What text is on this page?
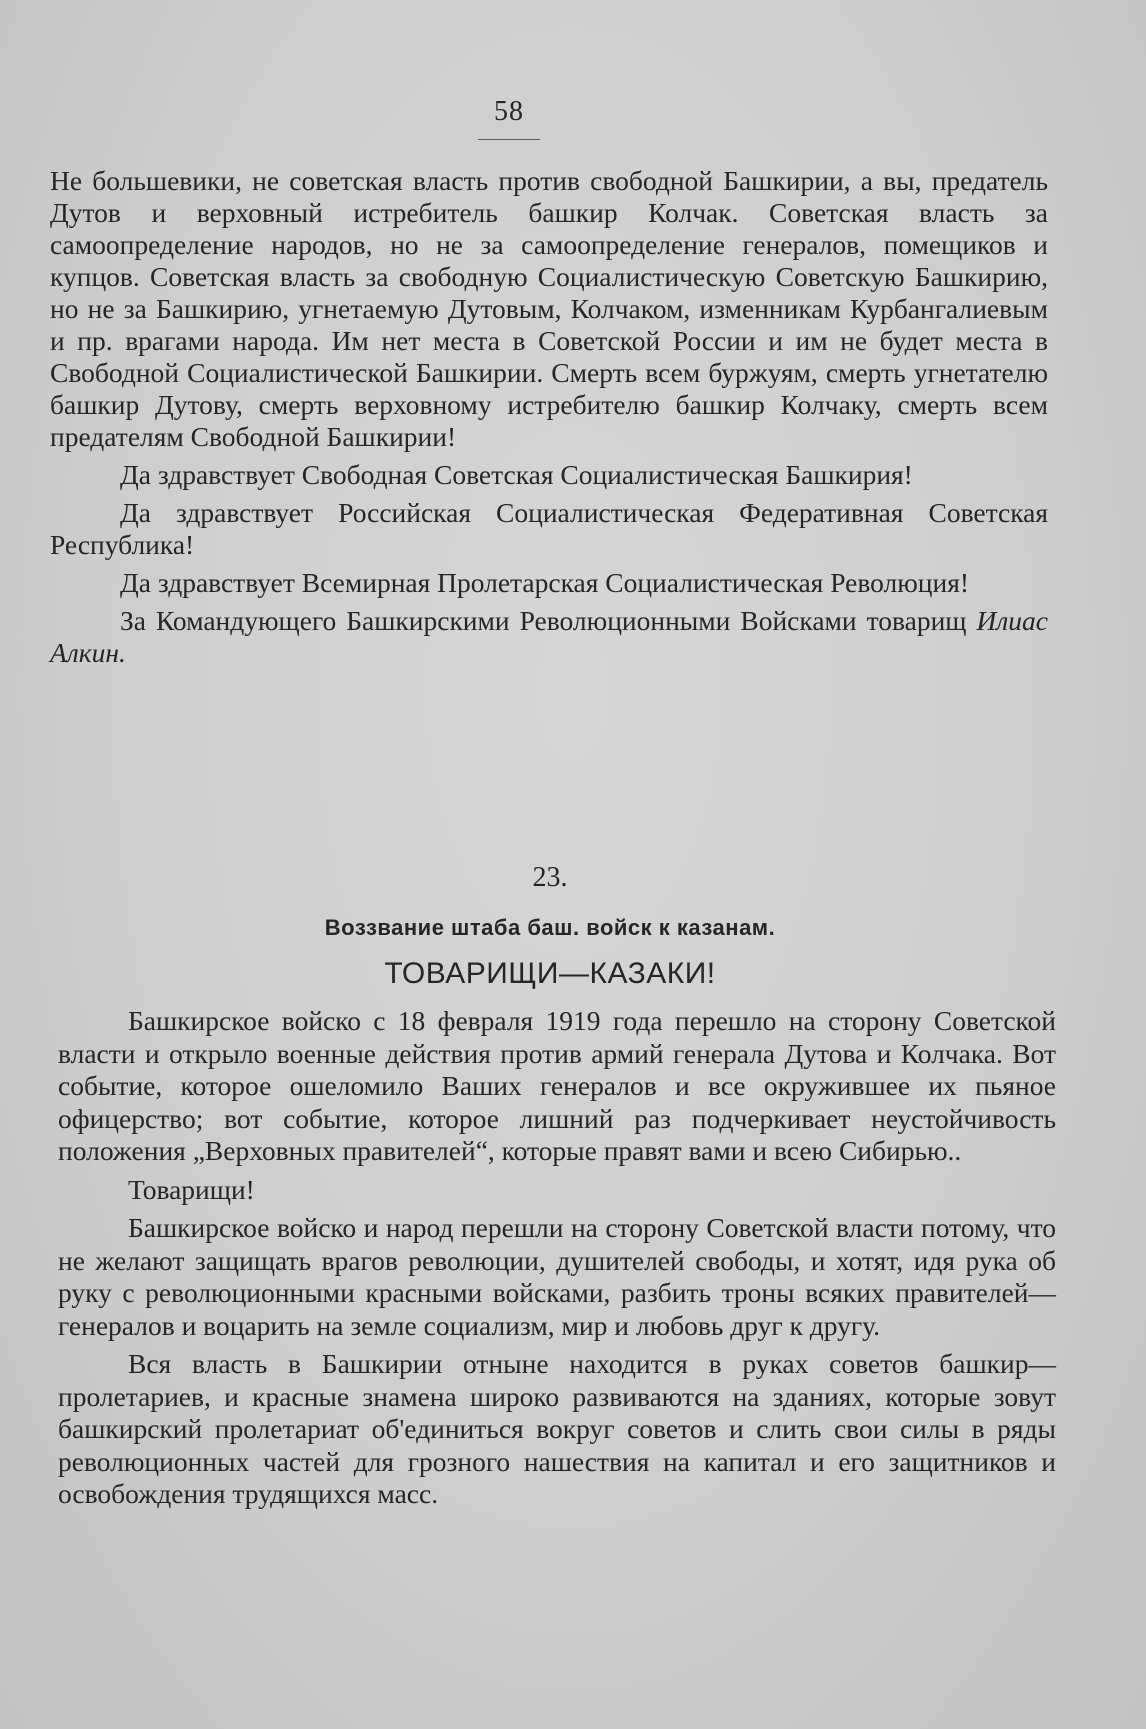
58

Не большевики, не советская власть против свободной Башкирии, а вы, предатель Дутов и верховный истребитель башкир Колчак. Советская власть за самоопределение народов, но не за самоопределение генералов, помещиков и купцов. Советская власть за свободную Социалистическую Советскую Башкирию, но не за Башкирию, угнетаемую Дутовым, Колчаком, изменникам Курбангалиевым и пр. врагами народа. Им нет места в Советской России и им не будет места в Свободной Социалистической Башкирии. Смерть всем буржуям, смерть угнетателю башкир Дутову, смерть верховному истребителю башкир Колчаку, смерть всем предателям Свободной Башкирии!

Да здравствует Свободная Советская Социалистическая Башкирия!

Да здравствует Российская Социалистическая Федеративная Советская Республика!

Да здравствует Всемирная Пролетарская Социалистическая Революция!

За Командующего Башкирскими Революционными Войсками товарищ Илиас Алкин.

23.
Воззвание штаба баш. войск к казанам.
ТОВАРИЩИ—КАЗАКИ!

Башкирское войско с 18 февраля 1919 года перешло на сторону Советской власти и открыло военные действия против армий генерала Дутова и Колчака. Вот событие, которое ошеломило Ваших генералов и все окружившее их пьяное офицерство; вот событие, которое лишний раз подчеркивает неустойчивость положения „Верховных правителей“, которые правят вами и всею Сибирью..

Товарищи!

Башкирское войско и народ перешли на сторону Советской власти потому, что не желают защищать врагов революции, душителей свободы, и хотят, идя рука об руку с революционными красными войсками, разбить троны всяких правителей—генералов и воцарить на земле социализм, мир и любовь друг к другу.

Вся власть в Башкирии отныне находится в руках советов башкир—пролетариев, и красные знамена широко развиваются на зданиях, которые зовут башкирский пролетариат об'единиться вокруг советов и слить свои силы в ряды революционных частей для грозного нашествия на капитал и его защитников и освобождения трудящихся масс.
